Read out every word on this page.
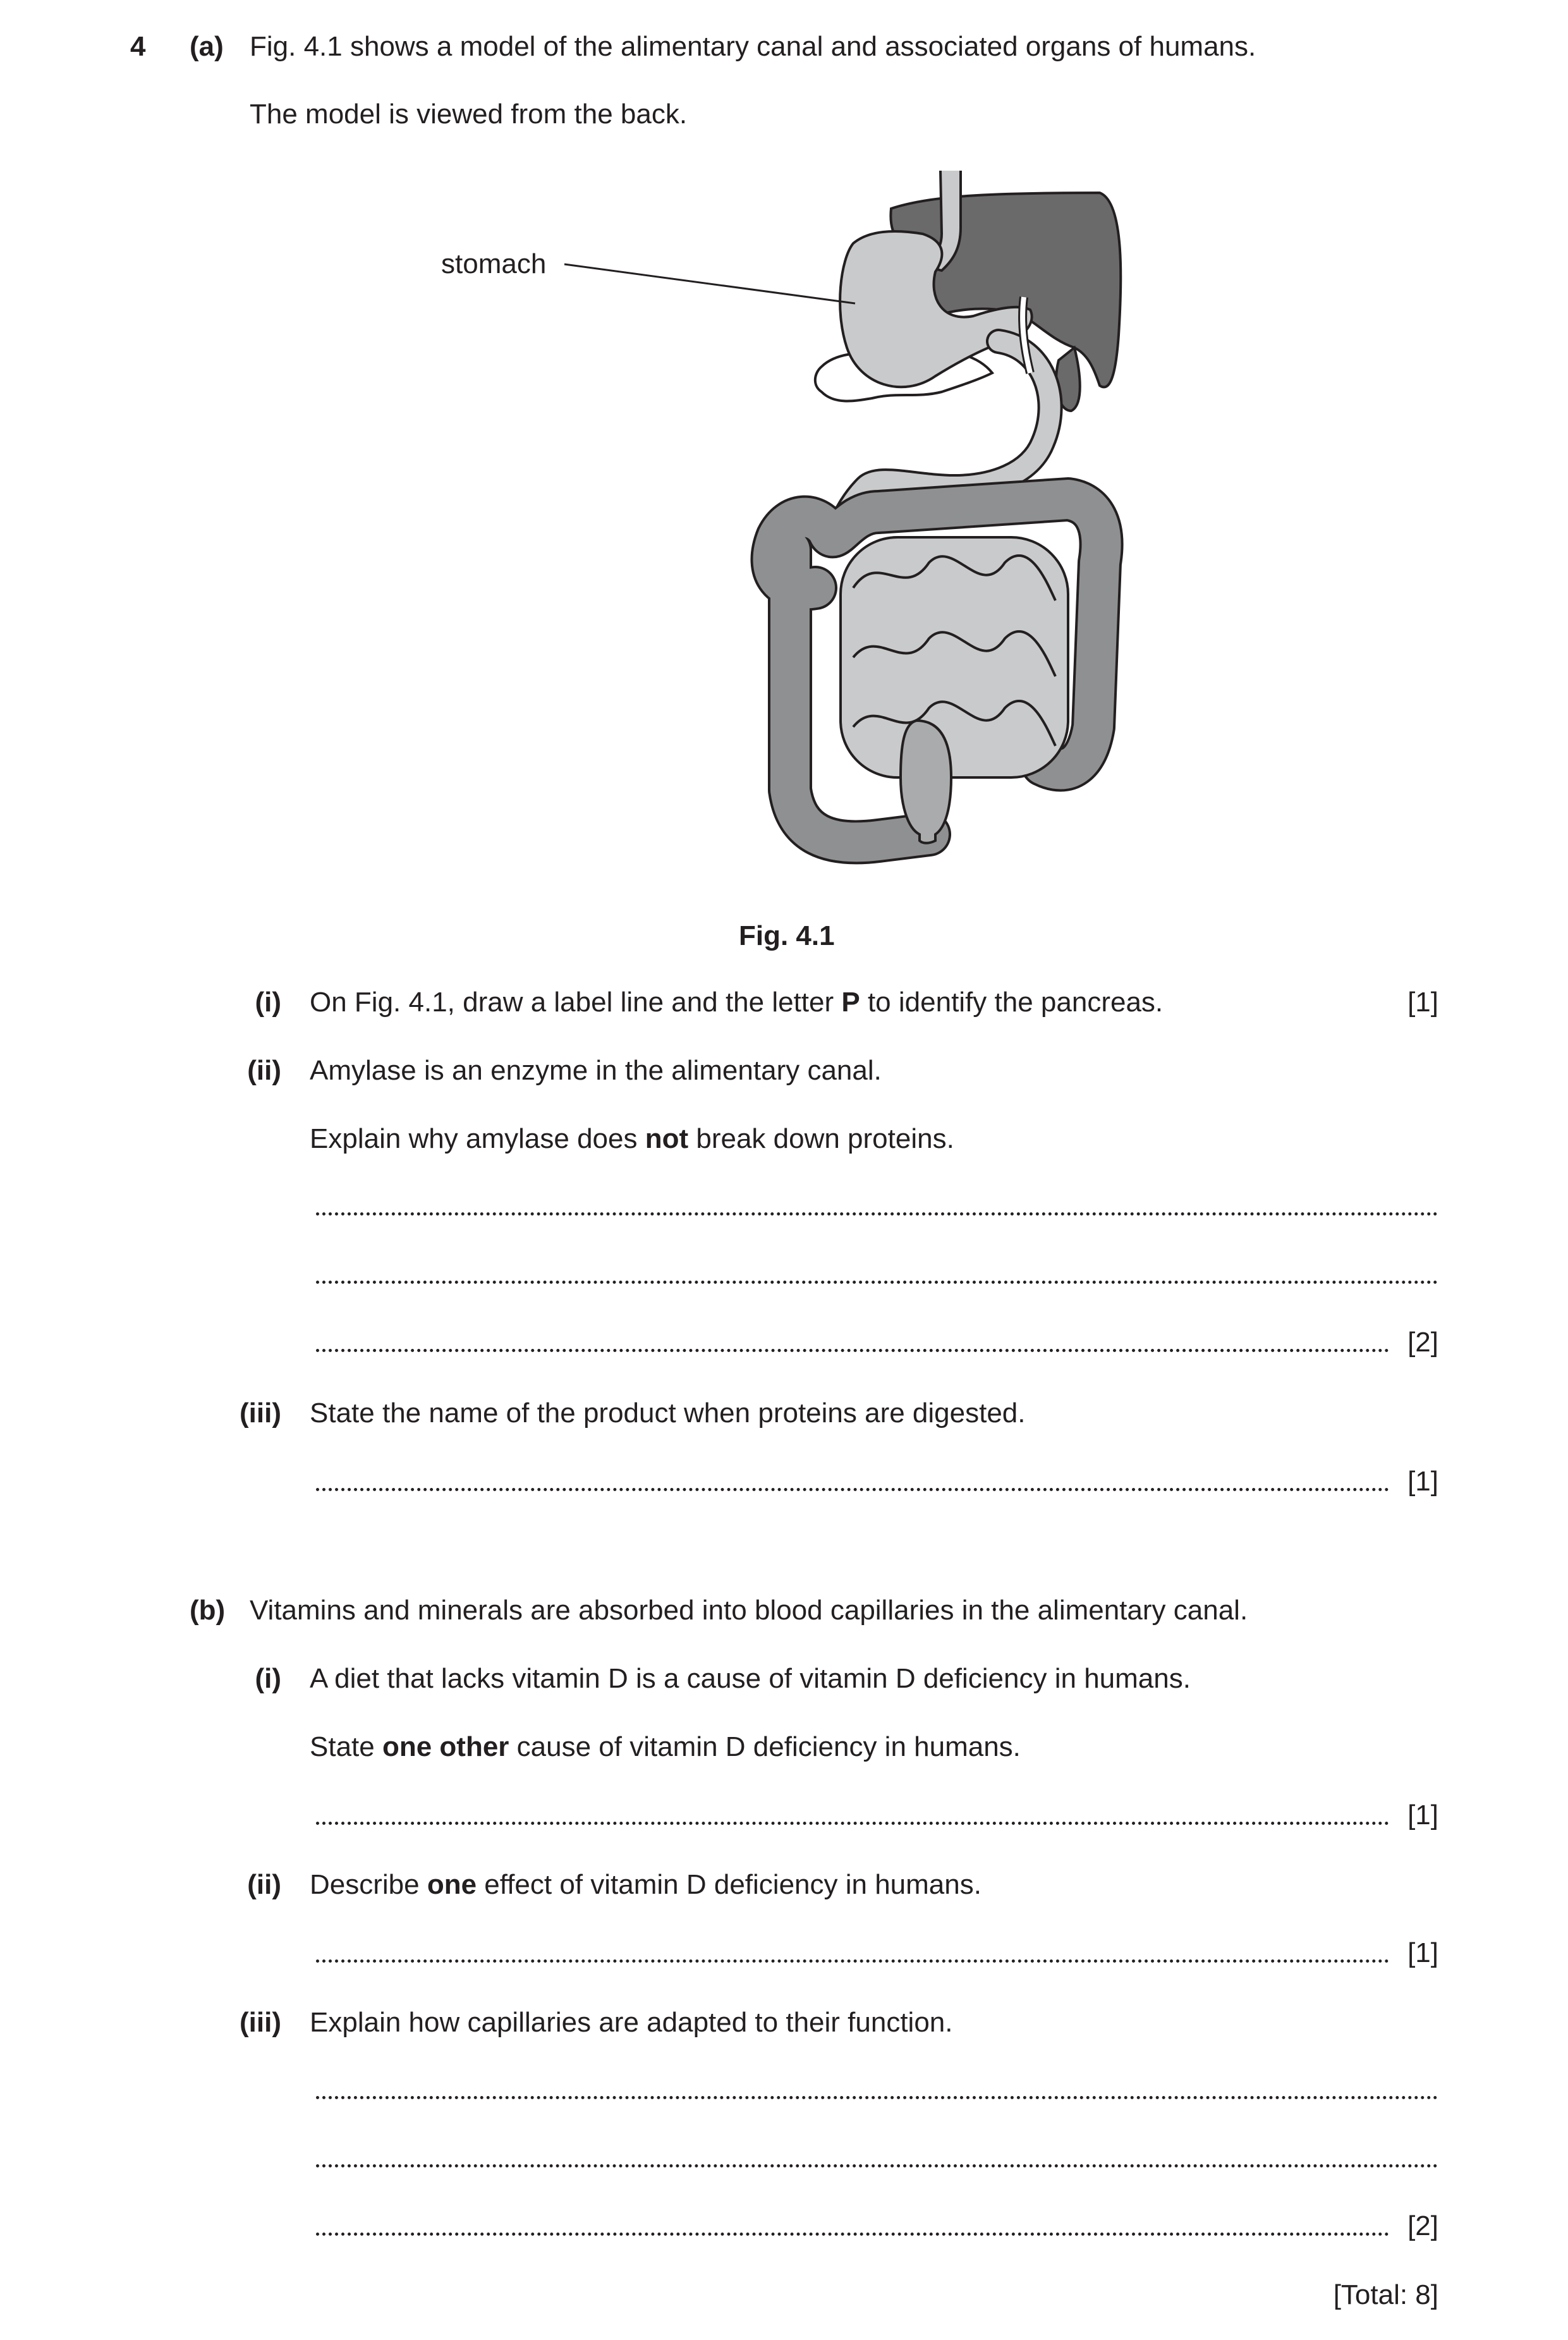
4 (a) Fig. 4.1 shows a model of the alimentary canal and associated organs of humans.
The model is viewed from the back.
stomach
Fig. 4.1
(i) On Fig. 4.1, draw a label line and the letter P to identify the pancreas.	[1]
(ii) Amylase is an enzyme in the alimentary canal.
Explain why amylase does not break down proteins.
[2]
(iii) State the name of the product when proteins are digested.
[1]
(b) Vitamins and minerals are absorbed into blood capillaries in the alimentary canal.
(i) A diet that lacks vitamin D is a cause of vitamin D deficiency in humans.
State one other cause of vitamin D deficiency in humans.
[1]
(ii) Describe one effect of vitamin D deficiency in humans.
[1]
(iii) Explain how capillaries are adapted to their function.
[2]
[Total: 8]
